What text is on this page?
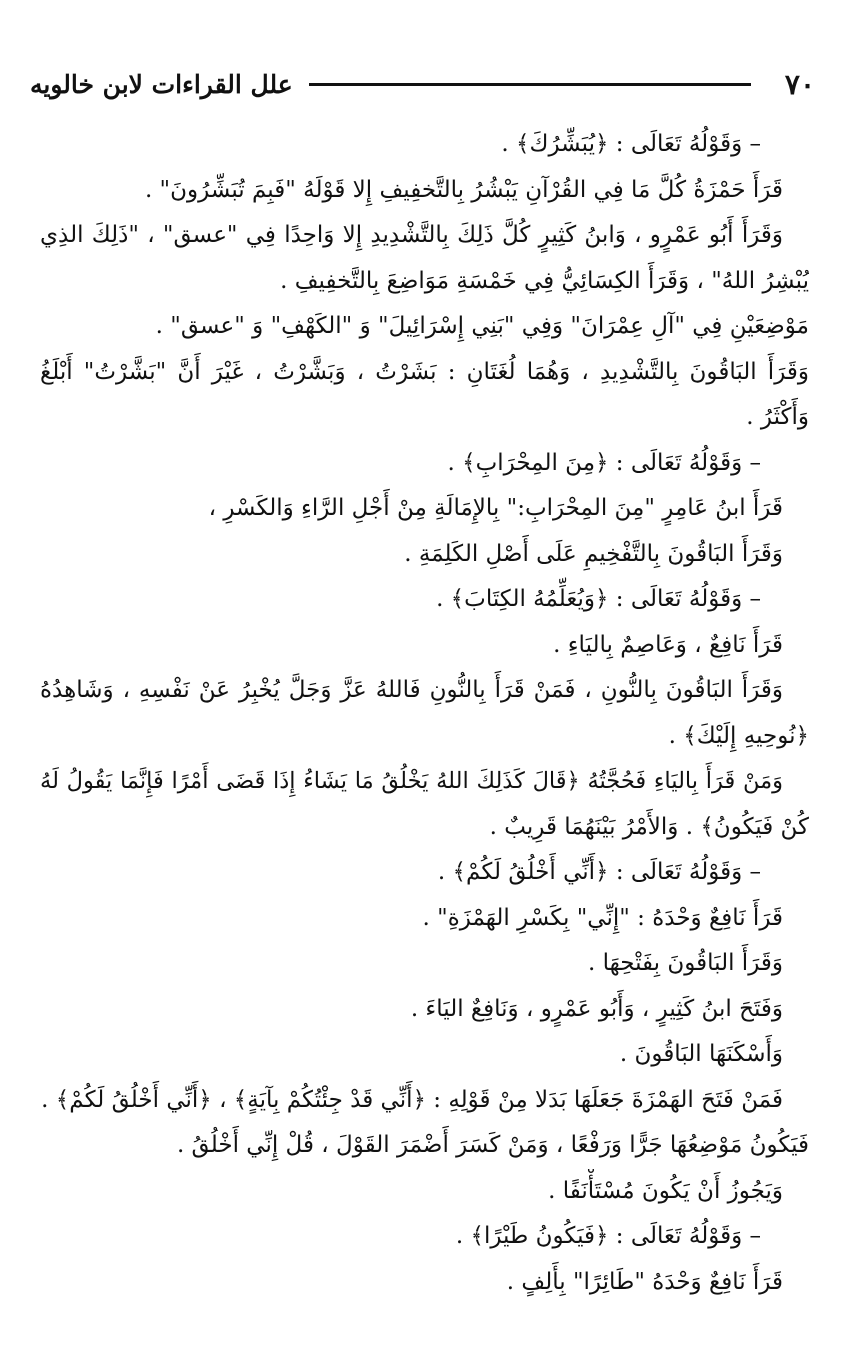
٧٠
علل القراءات لابن خالويه
– وَقَوْلُهُ تَعَالَى : ﴿يُبَشِّرُكَ﴾ .
قَرَأَ حَمْزَةُ كُلَّ مَا فِي القُرْآنِ يَبْشُرُ بِالتَّخفِيفِ إِلا قَوْلَهُ "فَبِمَ تُبَشِّرُونَ" .
وَقَرَأَ أَبُو عَمْرٍو ، وَابنُ كَثِيرٍ كُلَّ ذَلِكَ بِالتَّشْدِيدِ إِلا وَاحِدًا فِي "عسق" ، "ذَلِكَ الذِي
يُبْشِرُ اللهُ" ، وَقَرَأَ الكِسَائِيُّ فِي خَمْسَةِ مَوَاضِعَ بِالتَّخفِيفِ .
مَوْضِعَيْنِ فِي "آلِ عِمْرَانَ" وَفِي "بَنِي إِسْرَائِيلَ" وَ "الكَهْفِ" وَ "عسق" .
وَقَرَأَ البَاقُونَ بِالتَّشْدِيدِ ، وَهُمَا لُغَتَانِ : بَشَرْتُ ، وَبَشَّرْتُ ، غَيْرَ أَنَّ "بَشَّرْتُ" أَبْلَغُ
وَأَكْثَرُ .
– وَقَوْلُهُ تَعَالَى : ﴿مِنَ المِحْرَابِ﴾ .
قَرَأَ ابنُ عَامِرٍ "مِنَ المِحْرَابِ:" بِالإِمَالَةِ مِنْ أَجْلِ الرَّاءِ وَالكَسْرِ ،
وَقَرَأَ البَاقُونَ بِالتَّفْخِيمِ عَلَى أَصْلِ الكَلِمَةِ .
– وَقَوْلُهُ تَعَالَى : ﴿وَيُعَلِّمُهُ الكِتَابَ﴾ .
قَرَأَ نَافِعٌ ، وَعَاصِمٌ بِاليَاءِ .
وَقَرَأَ البَاقُونَ بِالنُّونِ ، فَمَنْ قَرَأَ بِالنُّونِ فَاللهُ عَزَّ وَجَلَّ يُخْبِرُ عَنْ نَفْسِهِ ، وَشَاهِدُهُ
﴿نُوحِيهِ إِلَيْكَ﴾ .
وَمَنْ قَرَأَ بِاليَاءِ فَحُجَّتُهُ ﴿قَالَ كَذَلِكَ اللهُ يَخْلُقُ مَا يَشَاءُ إِذَا قَضَى أَمْرًا فَإِنَّمَا يَقُولُ لَهُ
كُنْ فَيَكُونُ﴾ . وَالأَمْرُ بَيْنَهُمَا قَرِيبٌ .
– وَقَوْلُهُ تَعَالَى : ﴿أَنِّي أَخْلُقُ لَكُمْ﴾ .
قَرَأَ نَافِعٌ وَحْدَهُ : "إِنِّي" بِكَسْرِ الهَمْزَةِ" .
وَقَرَأَ البَاقُونَ بِفَتْحِهَا .
وَفَتَحَ ابنُ كَثِيرٍ ، وَأَبُو عَمْرٍو ، وَنَافِعٌ اليَاءَ .
وَأَسْكَنَهَا البَاقُونَ .
فَمَنْ فَتَحَ الهَمْزَةَ جَعَلَهَا بَدَلا مِنْ قَوْلِهِ : ﴿أَنِّي قَدْ جِئْتُكُمْ بِآيَةٍ﴾ ، ﴿أَنِّي أَخْلُقُ لَكُمْ﴾ .
فَيَكُونُ مَوْضِعُهَا جَرًّا وَرَفْعًا ، وَمَنْ كَسَرَ أَضْمَرَ القَوْلَ ، قُلْ إِنِّي أَخْلُقُ .
وَيَجُوزُ أَنْ يَكُونَ مُسْتَأْنَفًا .
– وَقَوْلُهُ تَعَالَى : ﴿فَيَكُونُ طَيْرًا﴾ .
قَرَأَ نَافِعٌ وَحْدَهُ "طَائِرًا" بِأَلِفٍ .
